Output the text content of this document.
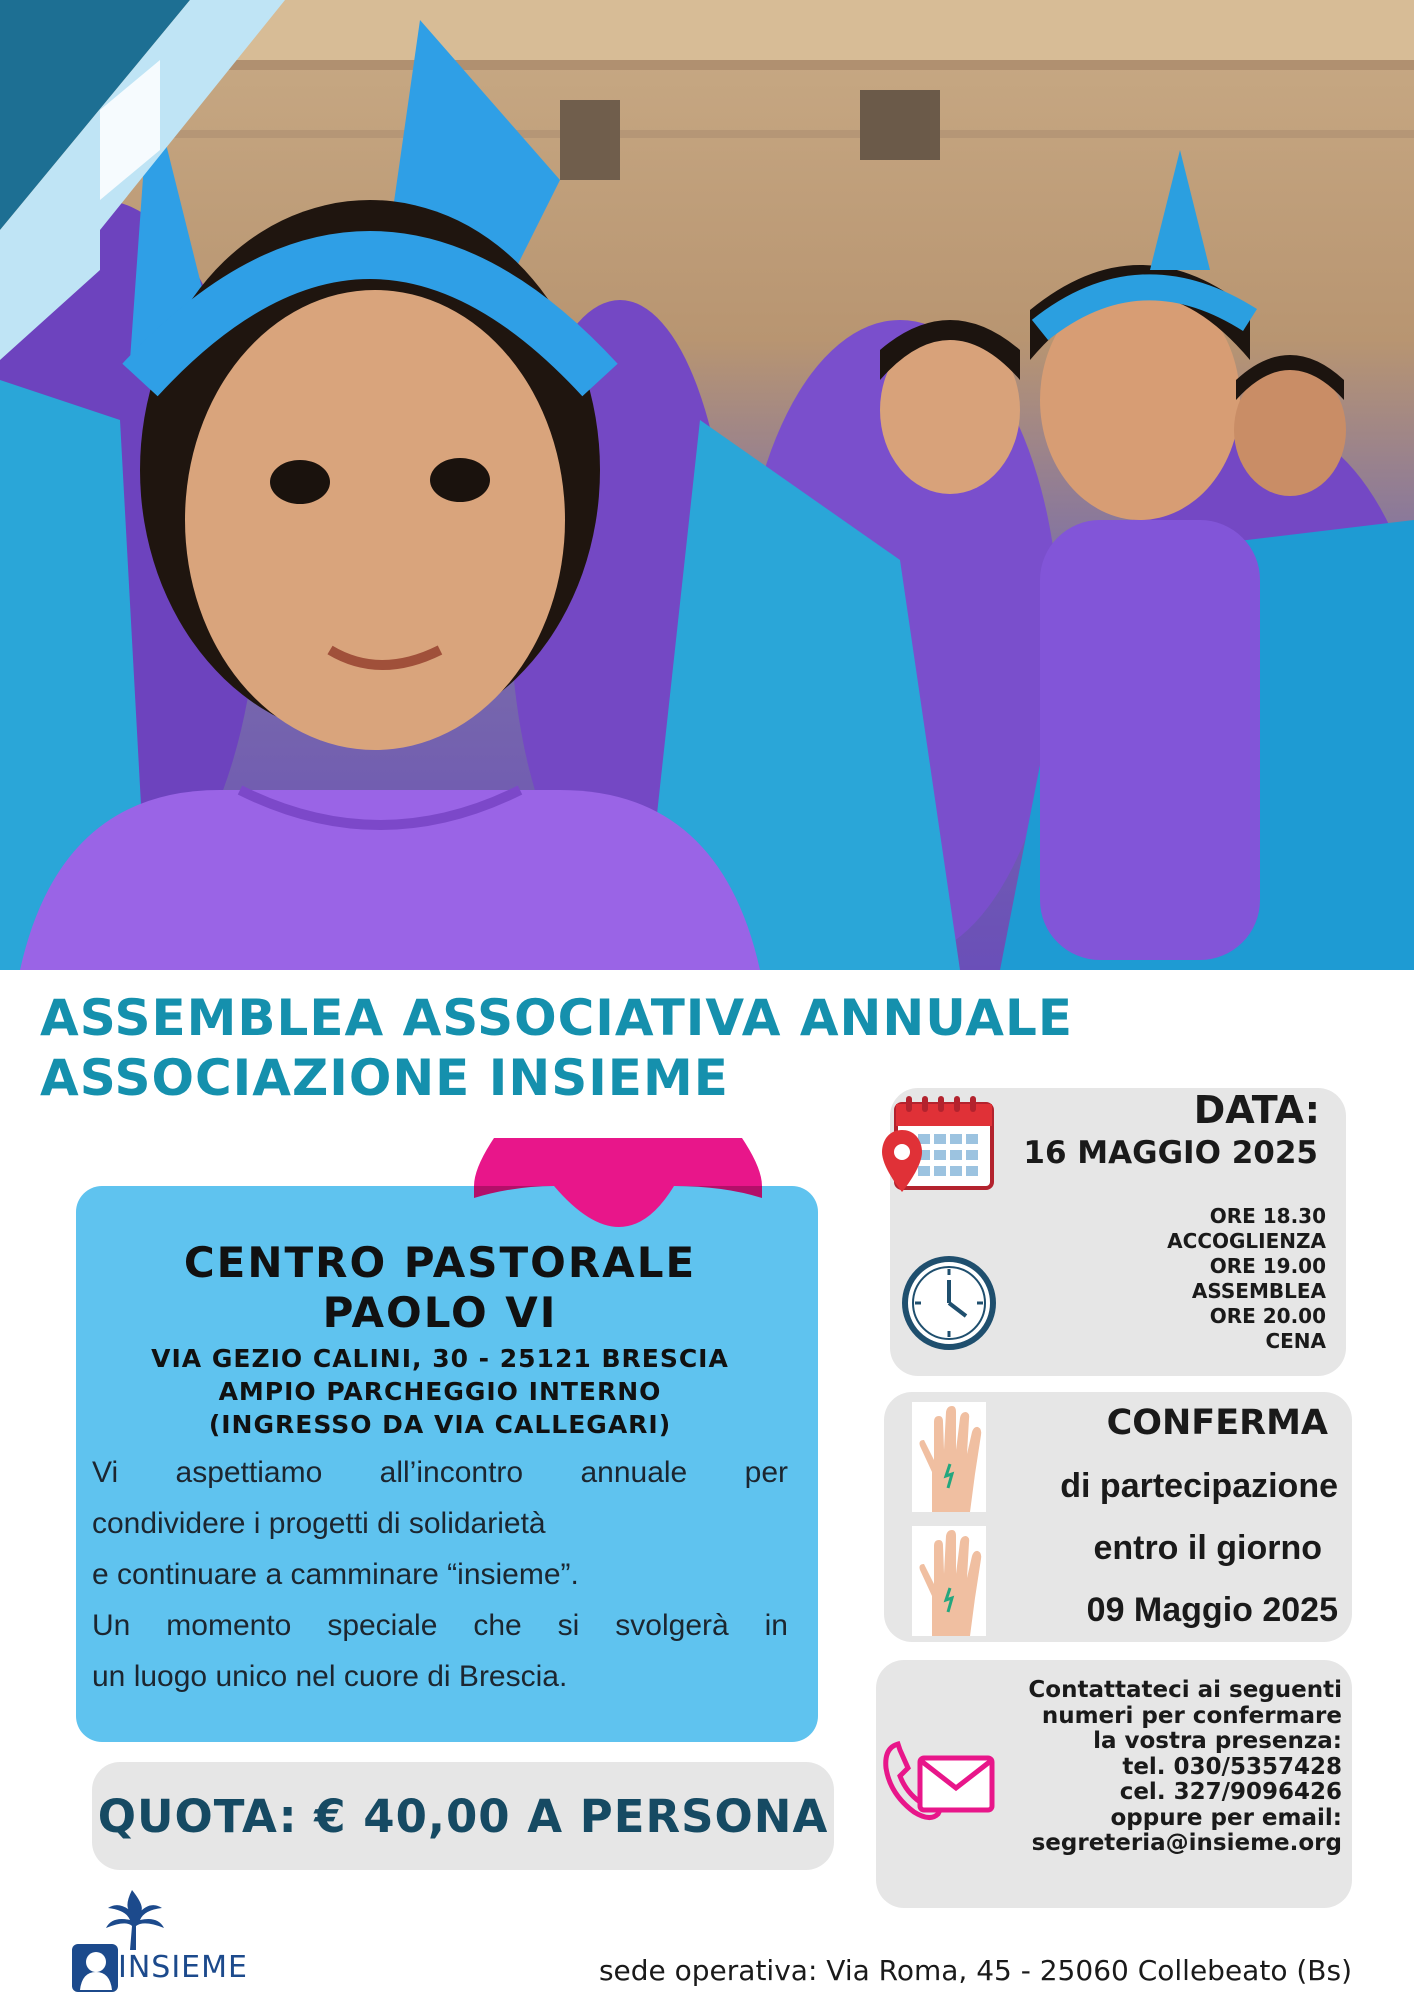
ASSEMBLEA ASSOCIATIVA ANNUALE
ASSOCIAZIONE INSIEME
CENTRO PASTORALE
PAOLO VI
VIA GEZIO CALINI, 30 - 25121 BRESCIA
AMPIO PARCHEGGIO INTERNO
(INGRESSO DA VIA CALLEGARI)
Vi aspettiamo all’incontro annuale per
condividere i progetti di solidarietà
e continuare a camminare “insieme”.
Un momento speciale che si svolgerà in
un luogo unico nel cuore di Brescia.
QUOTA: € 40,00 A PERSONA
DATA:
16 MAGGIO 2025
ORE 18.30
ACCOGLIENZA
ORE 19.00
ASSEMBLEA
ORE 20.00
CENA
CONFERMA
di partecipazione
entro il giorno
09 Maggio 2025
Contattateci ai seguenti
numeri per confermare
la vostra presenza:
tel. 030/5357428
cel. 327/9096426
oppure per email:
segreteria@insieme.org
INSIEME	sede operativa: Via Roma, 45 - 25060 Collebeato (Bs)
